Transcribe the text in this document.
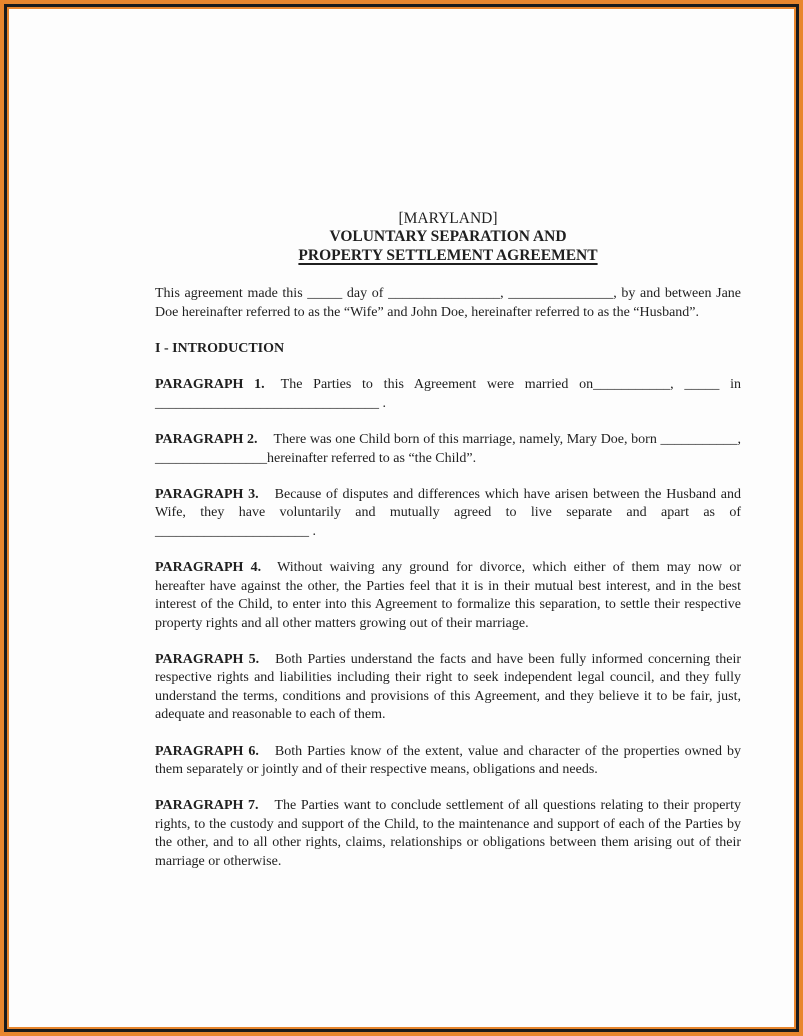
[MARYLAND]
VOLUNTARY SEPARATION AND
PROPERTY SETTLEMENT AGREEMENT

This agreement made this _____ day of ________________, _______________, by and between Jane Doe hereinafter referred to as the “Wife” and John Doe, hereinafter referred to as the “Husband”.

I - INTRODUCTION

PARAGRAPH 1. The Parties to this Agreement were married on___________, _____ in ________________________________ .

PARAGRAPH 2. There was one Child born of this marriage, namely, Mary Doe, born ___________, ________________hereinafter referred to as “the Child”.

PARAGRAPH 3. Because of disputes and differences which have arisen between the Husband and Wife, they have voluntarily and mutually agreed to live separate and apart as of ______________________ .

PARAGRAPH 4. Without waiving any ground for divorce, which either of them may now or hereafter have against the other, the Parties feel that it is in their mutual best interest, and in the best interest of the Child, to enter into this Agreement to formalize this separation, to settle their respective property rights and all other matters growing out of their marriage.

PARAGRAPH 5. Both Parties understand the facts and have been fully informed concerning their respective rights and liabilities including their right to seek independent legal council, and they fully understand the terms, conditions and provisions of this Agreement, and they believe it to be fair, just, adequate and reasonable to each of them.

PARAGRAPH 6. Both Parties know of the extent, value and character of the properties owned by them separately or jointly and of their respective means, obligations and needs.

PARAGRAPH 7. The Parties want to conclude settlement of all questions relating to their property rights, to the custody and support of the Child, to the maintenance and support of each of the Parties by the other, and to all other rights, claims, relationships or obligations between them arising out of their marriage or otherwise.
